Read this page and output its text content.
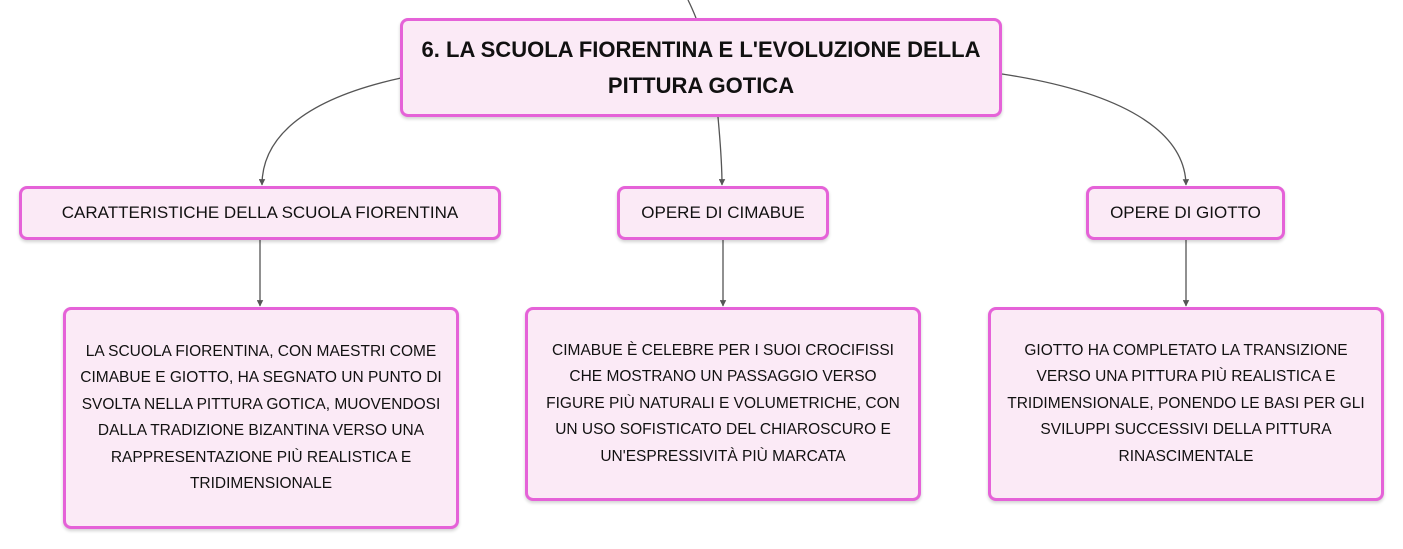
6. LA SCUOLA FIORENTINA E L'EVOLUZIONE DELLA PITTURA GOTICA
CARATTERISTICHE DELLA SCUOLA FIORENTINA	OPERE DI CIMABUE	OPERE DI GIOTTO
LA SCUOLA FIORENTINA, CON MAESTRI COME CIMABUE E GIOTTO, HA SEGNATO UN PUNTO DI SVOLTA NELLA PITTURA GOTICA, MUOVENDOSI DALLA TRADIZIONE BIZANTINA VERSO UNA RAPPRESENTAZIONE PIÙ REALISTICA E TRIDIMENSIONALE
CIMABUE È CELEBRE PER I SUOI CROCIFISSI CHE MOSTRANO UN PASSAGGIO VERSO FIGURE PIÙ NATURALI E VOLUMETRICHE, CON UN USO SOFISTICATO DEL CHIAROSCURO E UN'ESPRESSIVITÀ PIÙ MARCATA
GIOTTO HA COMPLETATO LA TRANSIZIONE VERSO UNA PITTURA PIÙ REALISTICA E TRIDIMENSIONALE, PONENDO LE BASI PER GLI SVILUPPI SUCCESSIVI DELLA PITTURA RINASCIMENTALE
